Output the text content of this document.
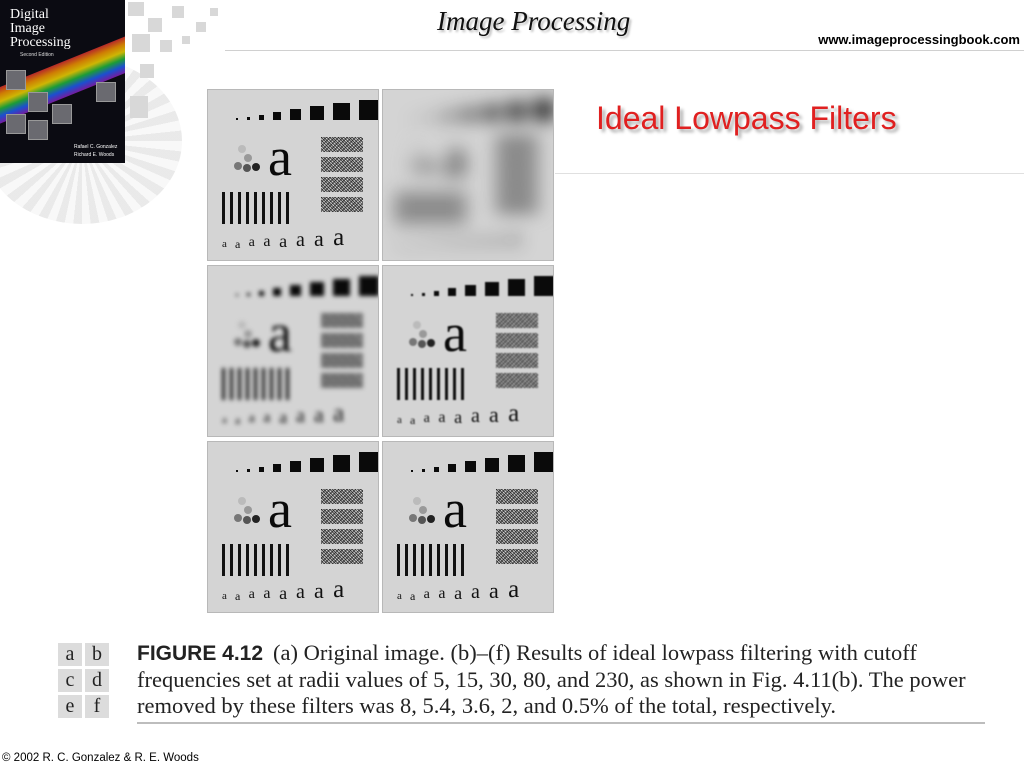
Digital
Image
Processing
Second Edition
Rafael C. Gonzalez
Richard E. Woods
Image Processing
www.imageprocessingbook.com
Ideal Lowpass Filters
a
a a a a a a a a
a
a a a a a a a a
a
a a a a a a a a
a
a a a a a a a a
a
a a a a a a a a
a
a a a a a a a a
a b
c d
e f
FIGURE 4.12 (a) Original image. (b)–(f) Results of ideal lowpass filtering with cutoff frequencies set at radii values of 5, 15, 30, 80, and 230, as shown in Fig. 4.11(b). The power removed by these filters was 8, 5.4, 3.6, 2, and 0.5% of the total, respectively.
© 2002 R. C. Gonzalez & R. E. Woods
